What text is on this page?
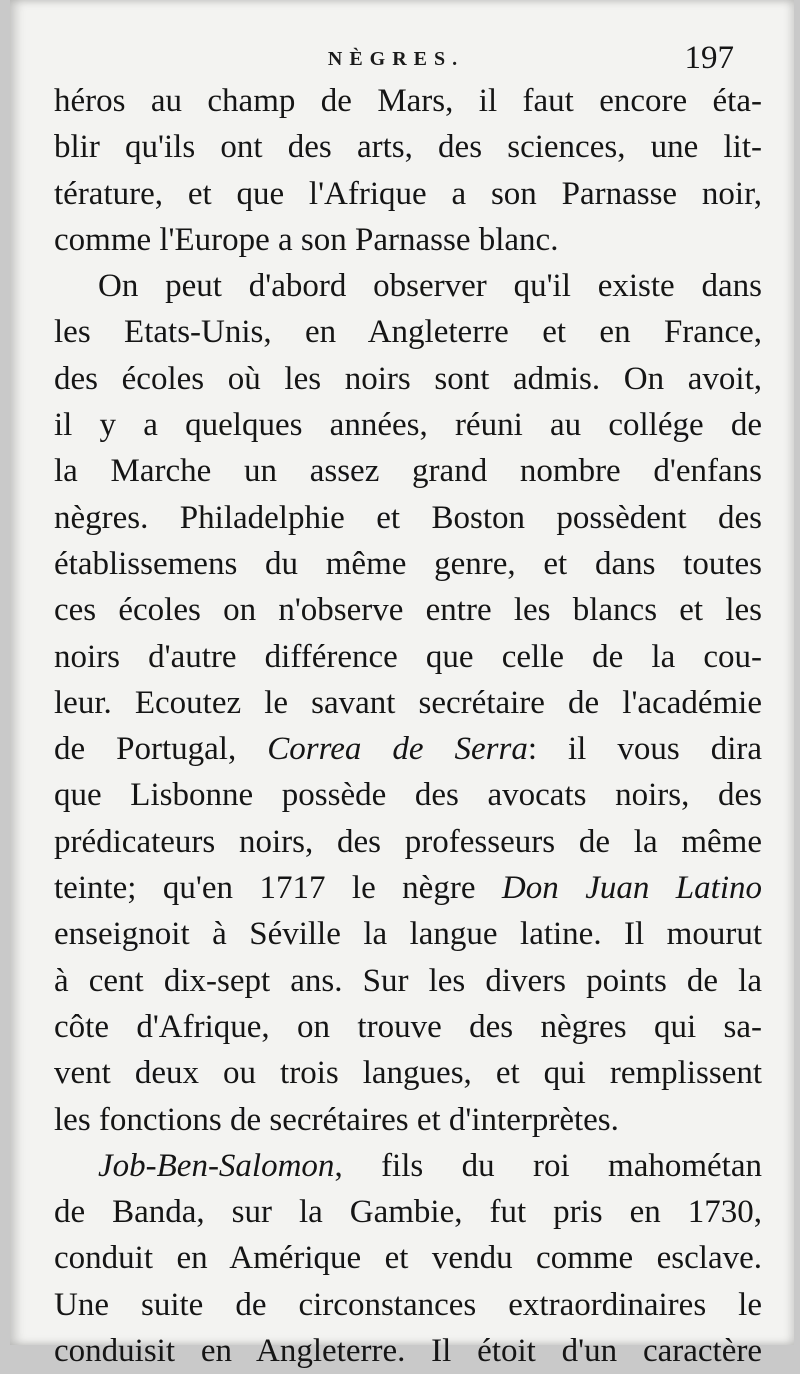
NÈGRES.	197
héros au champ de Mars, il faut encore éta-
blir qu'ils ont des arts, des sciences, une lit-
térature, et que l'Afrique a son Parnasse noir,
comme l'Europe a son Parnasse blanc.
On peut d'abord observer qu'il existe dans
les Etats-Unis, en Angleterre et en France,
des écoles où les noirs sont admis. On avoit,
il y a quelques années, réuni au collége de
la Marche un assez grand nombre d'enfans
nègres. Philadelphie et Boston possèdent des
établissemens du même genre, et dans toutes
ces écoles on n'observe entre les blancs et les
noirs d'autre différence que celle de la cou-
leur. Ecoutez le savant secrétaire de l'académie
de Portugal, Correa de Serra: il vous dira
que Lisbonne possède des avocats noirs, des
prédicateurs noirs, des professeurs de la même
teinte; qu'en 1717 le nègre Don Juan Latino
enseignoit à Séville la langue latine. Il mourut
à cent dix-sept ans. Sur les divers points de la
côte d'Afrique, on trouve des nègres qui sa-
vent deux ou trois langues, et qui remplissent
les fonctions de secrétaires et d'interprètes.
Job-Ben-Salomon, fils du roi mahométan
de Banda, sur la Gambie, fut pris en 1730,
conduit en Amérique et vendu comme esclave.
Une suite de circonstances extraordinaires le
conduisit en Angleterre. Il étoit d'un caractère
